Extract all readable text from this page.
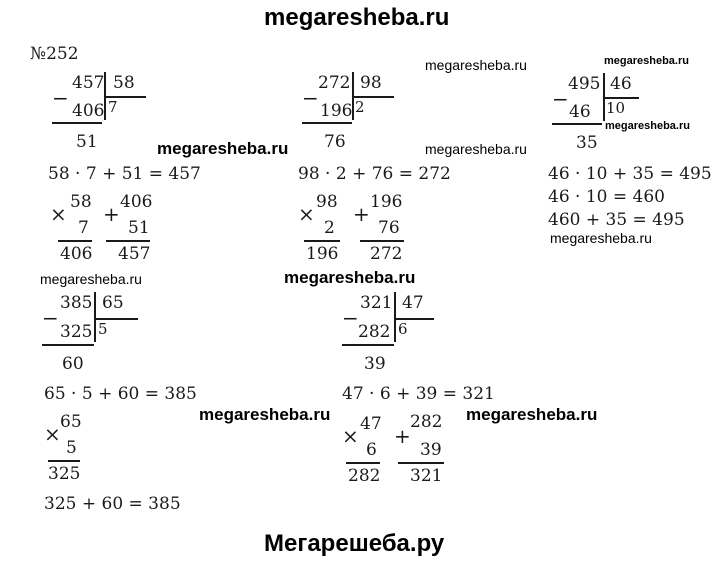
megaresheba.ru
Мегарешеба.ру
№252
megaresheba.ru	megaresheba.ru
megaresheba.ru
megaresheba.ru	megaresheba.ru
megaresheba.ru
megaresheba.ru	megaresheba.ru
megaresheba.ru	megaresheba.ru
−
457 58
7
406
51
58 · 7 + 51 = 457
58
×
7
406
406
+
51
457
−
272 98
2
196
76
98 · 2 + 76 = 272
98
×
2
196
196
+
76
272
−
495 46
10
46
35
46 · 10 + 35 = 495
46 · 10 = 460
460 + 35 = 495
−
385 65
5
325
60
65 · 5 + 60 = 385
65
×
5
325
325 + 60 = 385
−
321 47
6
282
39
47 · 6 + 39 = 321
47
×
6
282
282
+
39
321
